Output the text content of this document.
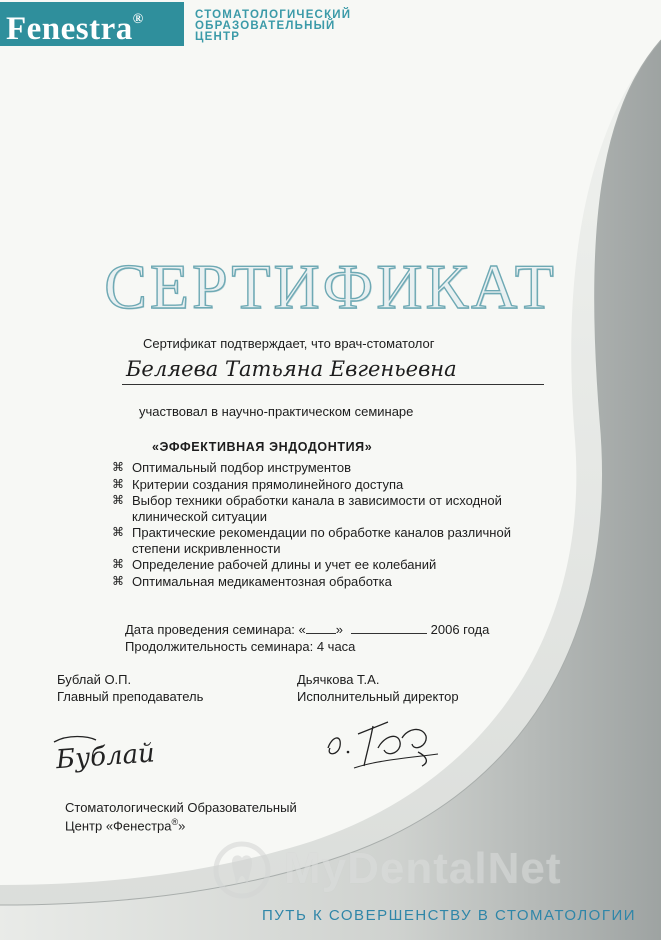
Fenestra®	СТОМАТОЛОГИЧЕСКИЙ
ОБРАЗОВАТЕЛЬНЫЙ
ЦЕНТР
СЕРТИФИКАТ
Сертификат подтверждает, что врач-стоматолог
Беляева Татьяна Евгеньевна
участвовал в научно-практическом семинаре
«ЭФФЕКТИВНАЯ ЭНДОДОНТИЯ»
⌘ Оптимальный подбор инструментов
⌘ Критерии создания прямолинейного доступа
⌘ Выбор техники обработки канала в зависимости от исходной клинической ситуации
⌘ Практические рекомендации по обработке каналов различной степени искривленности
⌘ Определение рабочей длины и учет ее колебаний
⌘ Оптимальная медикаментозная обработка
Дата проведения семинара: « »	2006 года
Продолжительность семинара: 4 часа
Бублай О.П.
Главный преподаватель
Дьячкова Т.А.
Исполнительный директор
Бублай
Стоматологический Образовательный
Центр «Фенестра®»
MyDentalNet
ПУТЬ К СОВЕРШЕНСТВУ В СТОМАТОЛОГИИ
